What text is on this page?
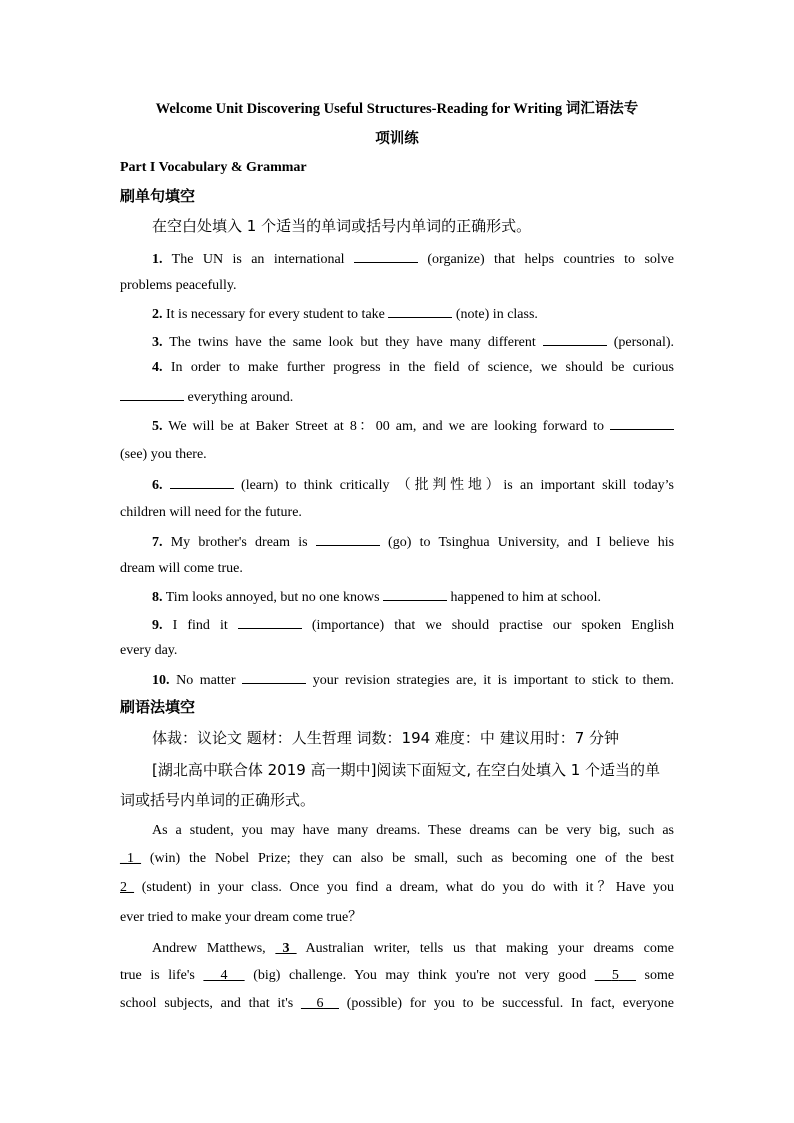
Welcome Unit Discovering Useful Structures-Reading for Writing 词汇语法专
项训练
Part I Vocabulary & Grammar
刷单句填空
在空白处填入 1 个适当的单词或括号内单词的正确形式。
1. The UN is an international	(organize) that helps countries to solve
problems peacefully.
2. It is necessary for every student to take	(note) in class.
3. The twins have the same look but they have many different	(personal).
4. In order to make further progress in the field of science, we should be curious
everything around.
5. We will be at Baker Street at 8：00 am, and we are looking forward to
(see) you there.
6.	(learn) to think critically （批判性地）is an important skill today’s
children will need for the future.
7. My brother's dream is	(go) to Tsinghua University, and I believe his
dream will come true.
8. Tim looks annoyed, but no one knows	happened to him at school.
9. I find it	(importance) that we should practise our spoken English
every day.
10. No matter	your revision strategies are, it is important to stick to them.
刷语法填空
体裁：议论文 题材：人生哲理 词数：194 难度：中 建议用时：7 分钟
[湖北高中联合体 2019 高一期中]阅读下面短文, 在空白处填入 1 个适当的单
词或括号内单词的正确形式。
As a student, you may have many dreams. These dreams can be very big, such as
_1_ (win) the Nobel Prize; they can also be small, such as becoming one of the best
2_ (student) in your class. Once you find a dream, what do you do with it？Have you
ever tried to make your dream come true？
Andrew Matthews, _3_ Australian writer, tells us that making your dreams come
true is life's 4 (big) challenge. You may think you're not very good 5 some
school subjects, and that it's 6 (possible) for you to be successful. In fact, everyone
